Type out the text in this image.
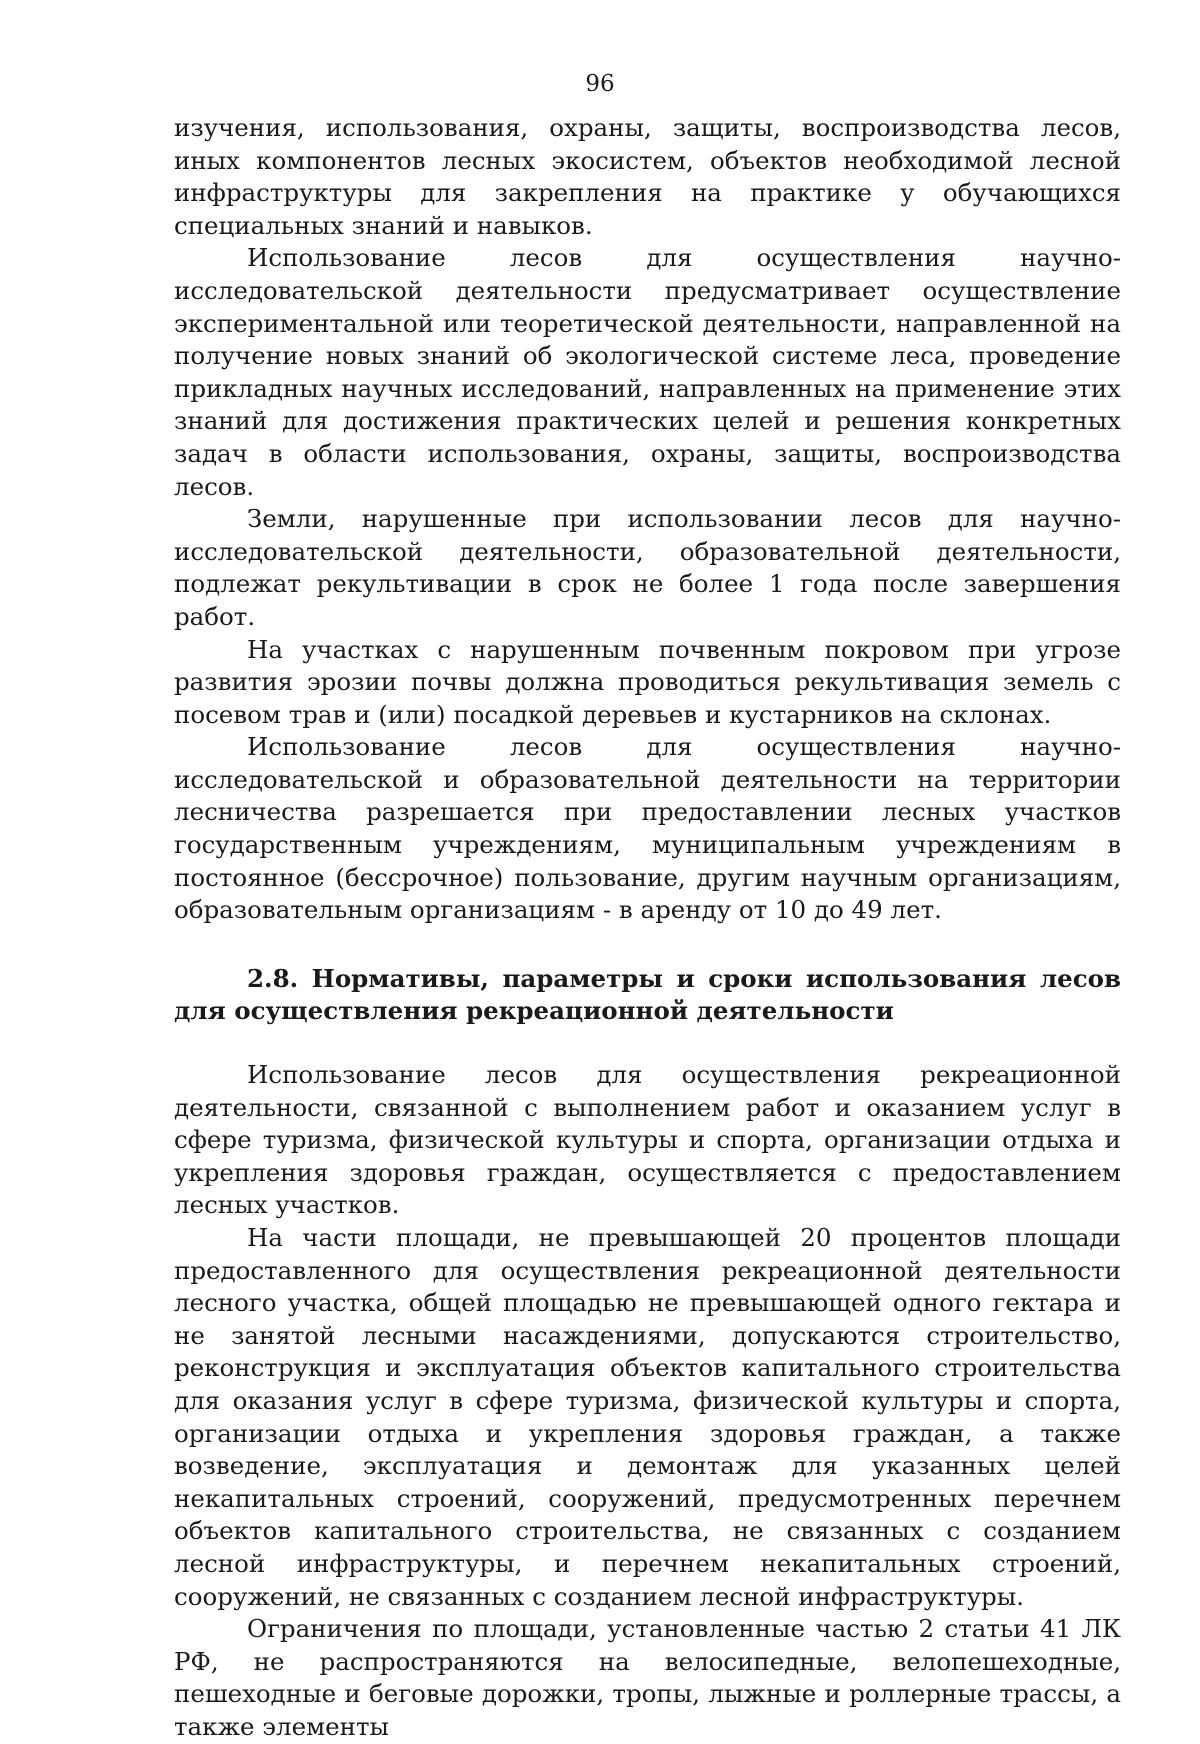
96

изучения, использования, охраны, защиты, воспроизводства лесов, иных компонентов лесных экосистем, объектов необходимой лесной инфраструктуры для закрепления на практике у обучающихся специальных знаний и навыков.

Использование лесов для осуществления научно-исследовательской деятельности предусматривает осуществление экспериментальной или теоретической деятельности, направленной на получение новых знаний об экологической системе леса, проведение прикладных научных исследований, направленных на применение этих знаний для достижения практических целей и решения конкретных задач в области использования, охраны, защиты, воспроизводства лесов.

Земли, нарушенные при использовании лесов для научно-исследовательской деятельности, образовательной деятельности, подлежат рекультивации в срок не более 1 года после завершения работ.

На участках с нарушенным почвенным покровом при угрозе развития эрозии почвы должна проводиться рекультивация земель с посевом трав и (или) посадкой деревьев и кустарников на склонах.

Использование лесов для осуществления научно-исследовательской и образовательной деятельности на территории лесничества разрешается при предоставлении лесных участков государственным учреждениям, муниципальным учреждениям в постоянное (бессрочное) пользование, другим научным организациям, образовательным организациям - в аренду от 10 до 49 лет.

2.8. Нормативы, параметры и сроки использования лесов для осуществления рекреационной деятельности

Использование лесов для осуществления рекреационной деятельности, связанной с выполнением работ и оказанием услуг в сфере туризма, физической культуры и спорта, организации отдыха и укрепления здоровья граждан, осуществляется с предоставлением лесных участков.

На части площади, не превышающей 20 процентов площади предоставленного для осуществления рекреационной деятельности лесного участка, общей площадью не превышающей одного гектара и не занятой лесными насаждениями, допускаются строительство, реконструкция и эксплуатация объектов капитального строительства для оказания услуг в сфере туризма, физической культуры и спорта, организации отдыха и укрепления здоровья граждан, а также возведение, эксплуатация и демонтаж для указанных целей некапитальных строений, сооружений, предусмотренных перечнем объектов капитального строительства, не связанных с созданием лесной инфраструктуры, и перечнем некапитальных строений, сооружений, не связанных с созданием лесной инфраструктуры.

Ограничения по площади, установленные частью 2 статьи 41 ЛК РФ, не распространяются на велосипедные, велопешеходные, пешеходные и беговые дорожки, тропы, лыжные и роллерные трассы, а также элементы
